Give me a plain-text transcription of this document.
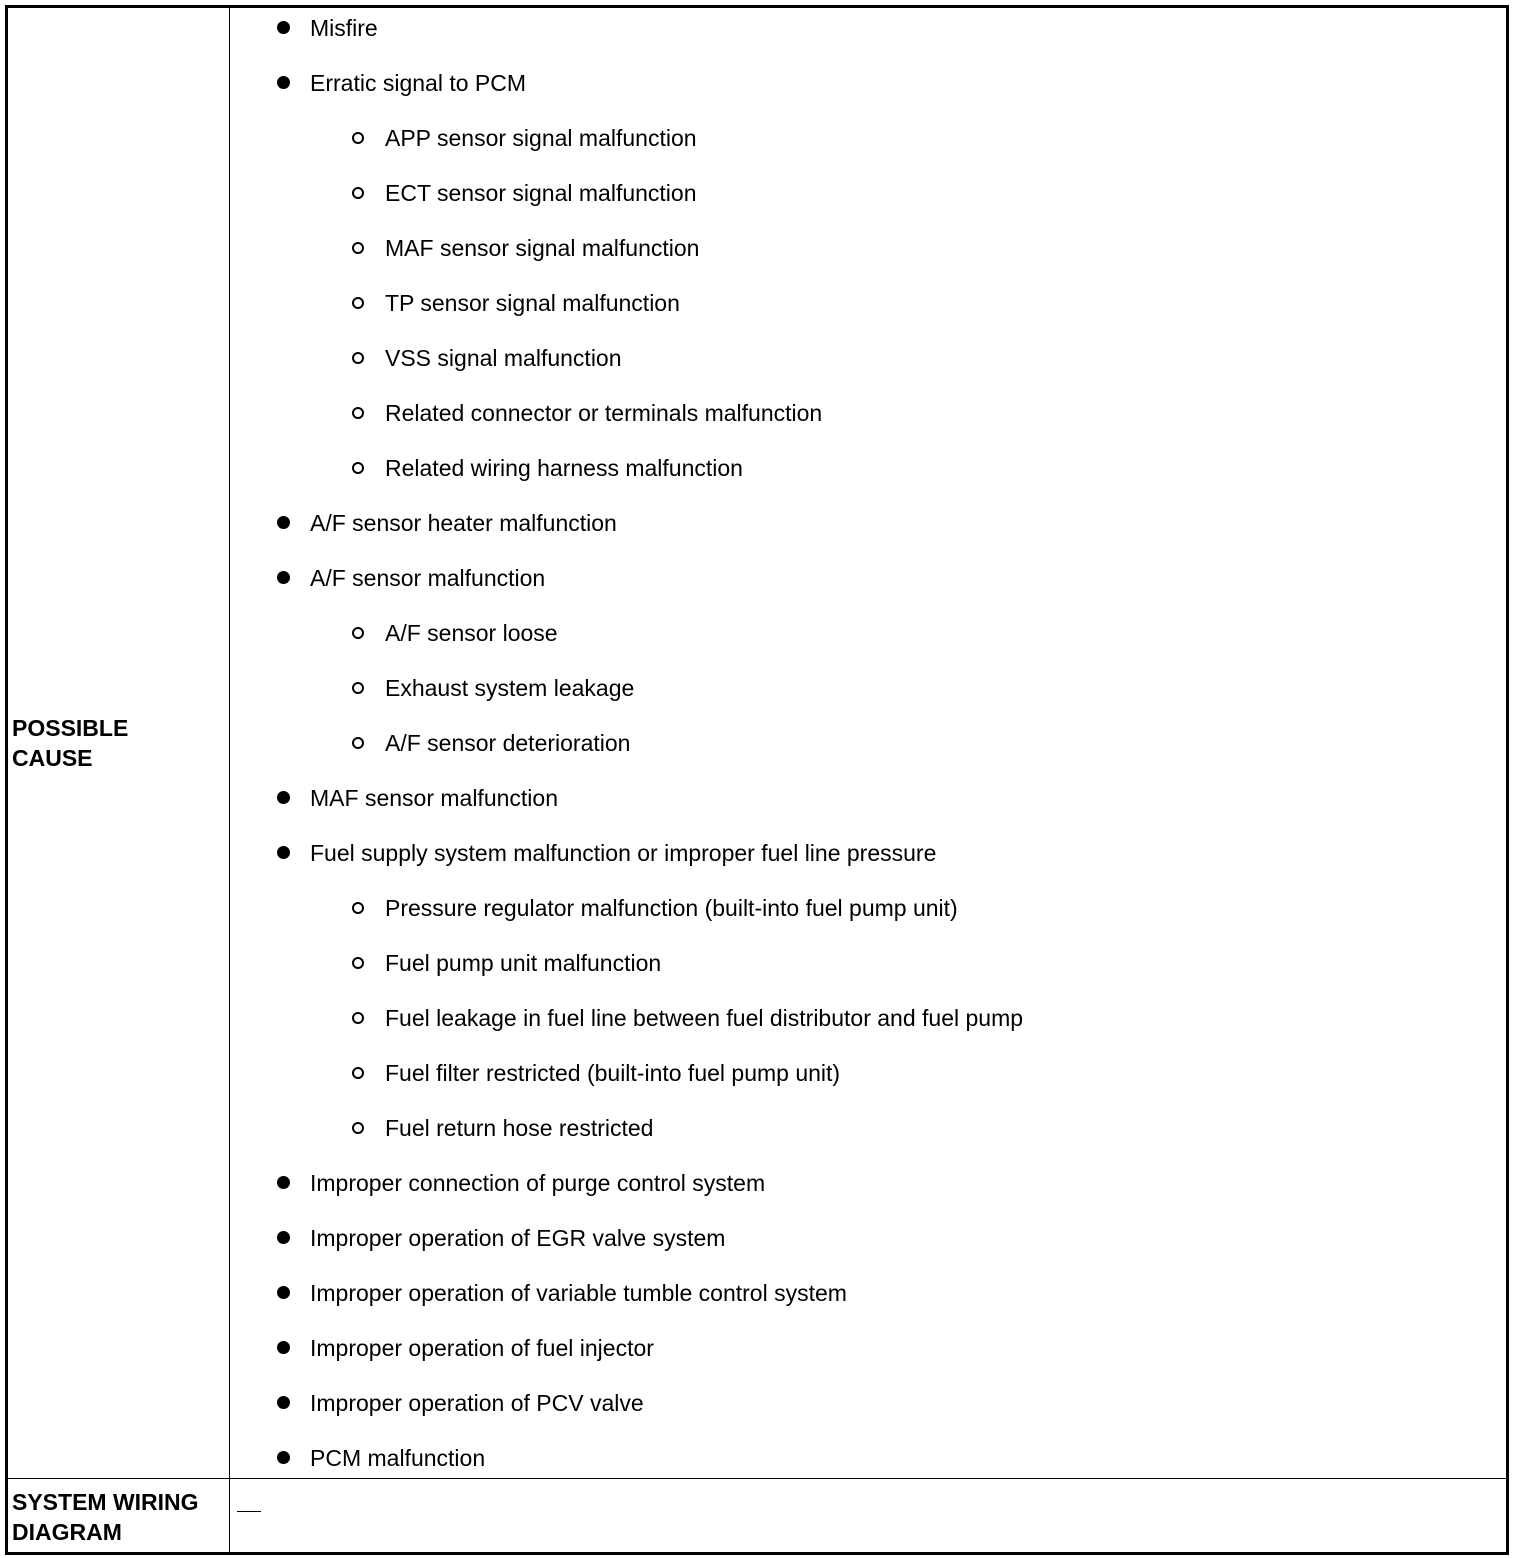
POSSIBLE
CAUSE
Misfire
Erratic signal to PCM
APP sensor signal malfunction
ECT sensor signal malfunction
MAF sensor signal malfunction
TP sensor signal malfunction
VSS signal malfunction
Related connector or terminals malfunction
Related wiring harness malfunction
A/F sensor heater malfunction
A/F sensor malfunction
A/F sensor loose
Exhaust system leakage
A/F sensor deterioration
MAF sensor malfunction
Fuel supply system malfunction or improper fuel line pressure
Pressure regulator malfunction (built-into fuel pump unit)
Fuel pump unit malfunction
Fuel leakage in fuel line between fuel distributor and fuel pump
Fuel filter restricted (built-into fuel pump unit)
Fuel return hose restricted
Improper connection of purge control system
Improper operation of EGR valve system
Improper operation of variable tumble control system
Improper operation of fuel injector
Improper operation of PCV valve
PCM malfunction
SYSTEM WIRING
DIAGRAM
